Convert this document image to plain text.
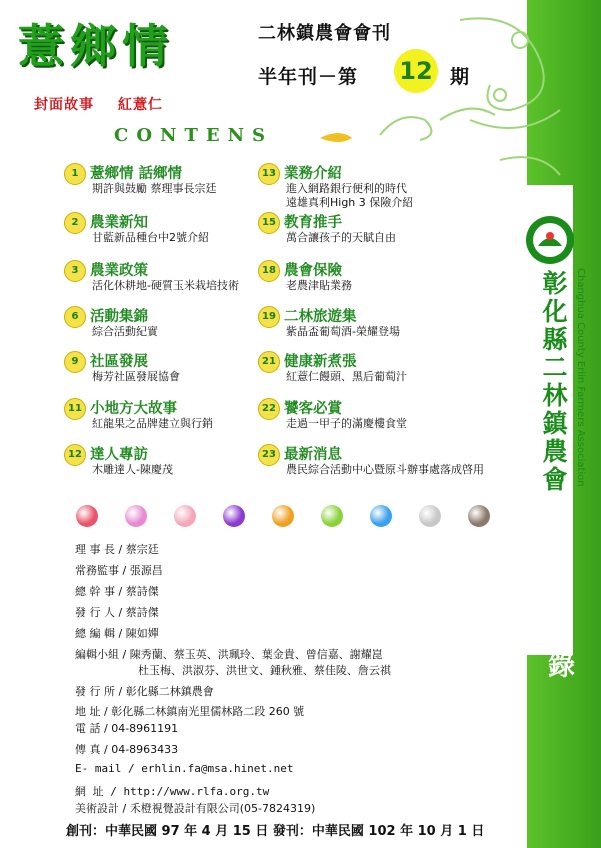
彰化縣二林鎮農會 Changhua County Erlin Farmers Association
目錄
薏鄉情
封面故事 紅薏仁
二林鎮農會會刊
半年刊－第 12 期
contens
1 薏鄉情 話鄉情
期許與鼓勵 蔡理事長宗廷
2 農業新知
甘藍新品種台中2號介紹
3 農業政策
活化休耕地-硬質玉米栽培技術
6 活動集錦
綜合活動紀實
9 社區發展
梅芳社區發展協會
11 小地方大故事
紅龍果之品牌建立與行銷
12 達人專訪
木雕達人-陳慶茂
13 業務介紹
進入網路銀行便利的時代
遠雄真利High 3 保險介紹
15 教育推手
萬合讓孩子的天賦自由
18 農會保險
老農津貼業務
19 二林旅遊集
紫晶盃葡萄酒-榮耀登場
21 健康新煮張
紅薏仁饅頭、黑后葡萄汁
22 饕客必賞
走過一甲子的滿慶樓食堂
23 最新消息
農民綜合活動中心暨原斗辦事處落成啓用
理 事 長 / 蔡宗廷
常務監事 / 張源昌
總 幹 事 / 蔡詩傑
發 行 人 / 蔡詩傑
總 編 輯 / 陳如嬋
編輯小組 / 陳秀蘭、蔡玉英、洪珮玲、葉金貴、曾信嘉、謝耀崑
杜玉梅、洪淑芬、洪世文、鍾秋雅、蔡佳陵、詹云祺
發 行 所 / 彰化縣二林鎮農會
地 址 / 彰化縣二林鎮南光里儒林路二段 260 號
電 話 / 04-8961191
傳 真 / 04-8963433
E- mail / erhlin.fa@msa.hinet.net
網 址 / http://www.rlfa.org.tw
美術設計 / 禾橙視覺設計有限公司(05-7824319)
創刊：中華民國 97 年 4 月 15 日 發刊：中華民國 102 年 10 月 1 日
